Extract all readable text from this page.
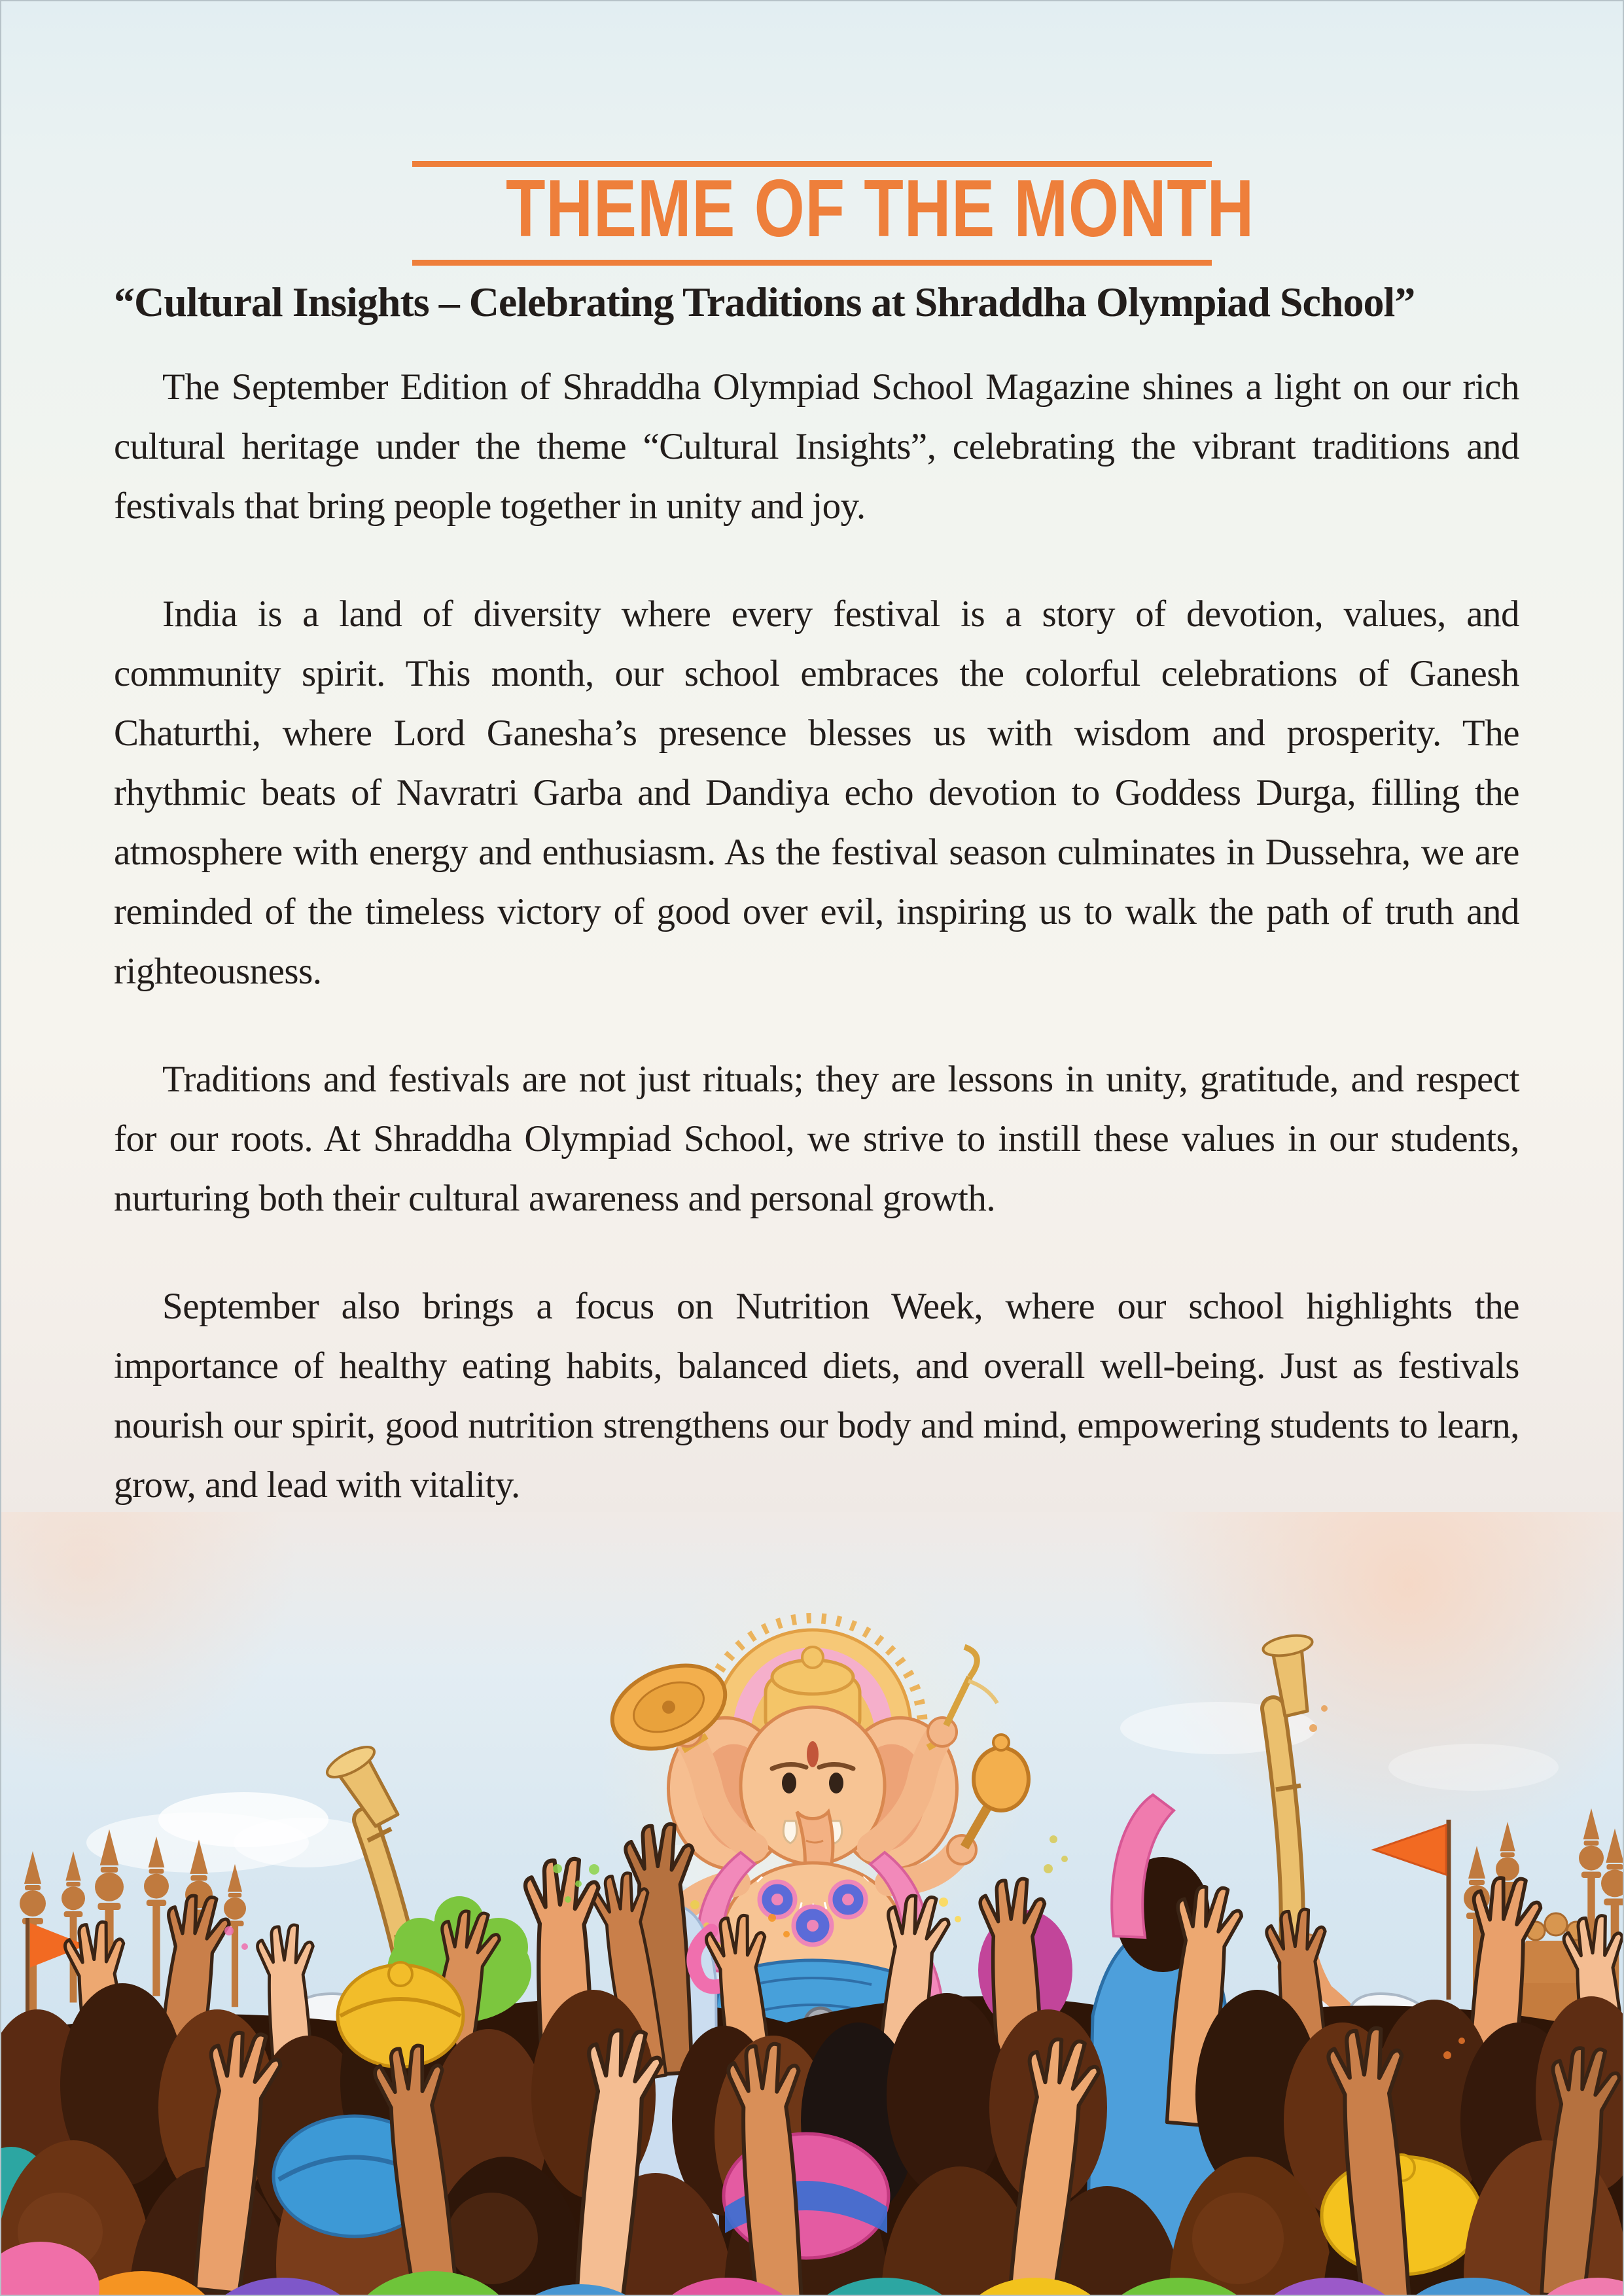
THEME OF THE MONTH
“Cultural Insights – Celebrating Traditions at Shraddha Olympiad School”

The September Edition of Shraddha Olympiad School Magazine shines a light on our rich cultural heritage under the theme “Cultural Insights”, celebrating the vibrant traditions and festivals that bring people together in unity and joy.

India is a land of diversity where every festival is a story of devotion, values, and community spirit. This month, our school embraces the colorful celebrations of Ganesh Chaturthi, where Lord Ganesha’s presence blesses us with wisdom and prosperity. The rhythmic beats of Navratri Garba and Dandiya echo devotion to Goddess Durga, filling the atmosphere with energy and enthusiasm. As the festival season culminates in Dussehra, we are reminded of the timeless victory of good over evil, inspiring us to walk the path of truth and righteousness.

Traditions and festivals are not just rituals; they are lessons in unity, gratitude, and respect for our roots. At Shraddha Olympiad School, we strive to instill these values in our students, nurturing both their cultural awareness and personal growth.

September also brings a focus on Nutrition Week, where our school highlights the importance of healthy eating habits, balanced diets, and overall well-being. Just as festivals nourish our spirit, good nutrition strengthens our body and mind, empowering students to learn, grow, and lead with vitality.
